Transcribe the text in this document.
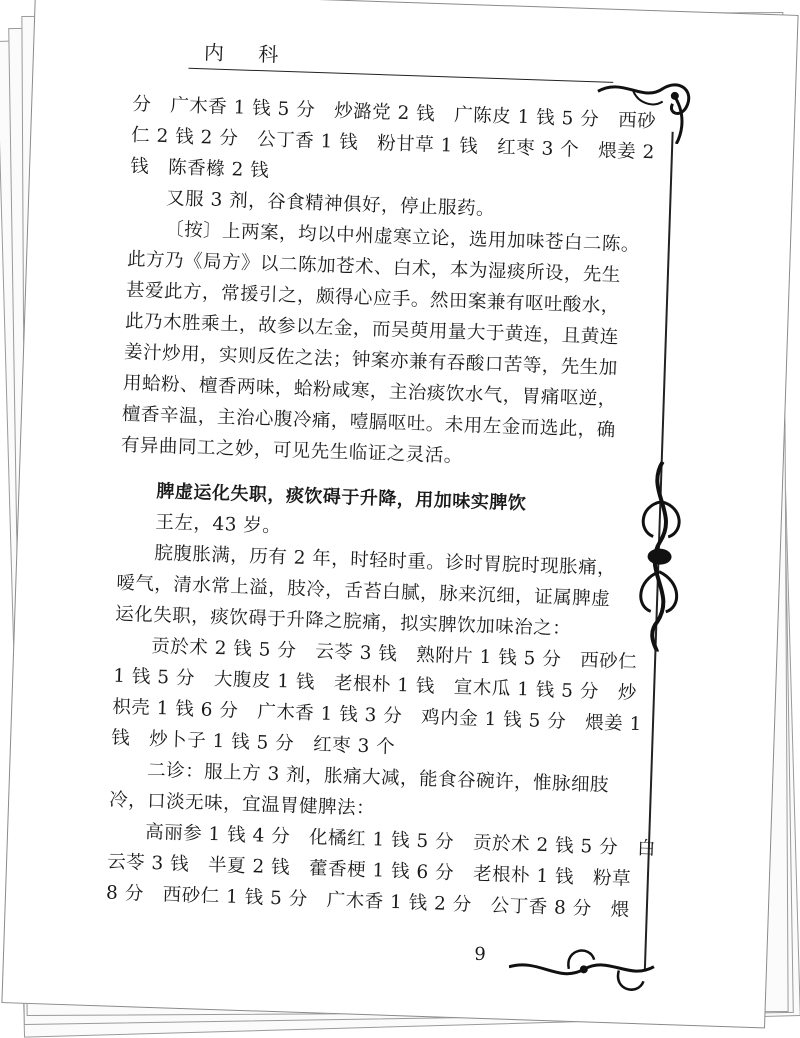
内 科

分　广木香 1 钱 5 分　炒潞党 2 钱　广陈皮 1 钱 5 分　西砂

仁 2 钱 2 分　公丁香 1 钱　粉甘草 1 钱　红枣 3 个　煨姜 2

钱　陈香橼 2 钱

又服 3 剂，谷食精神俱好，停止服药。

〔按〕上两案，均以中州虚寒立论，选用加味苍白二陈。

此方乃《局方》以二陈加苍术、白术，本为湿痰所设，先生

甚爱此方，常援引之，颇得心应手。然田案兼有呕吐酸水，

此乃木胜乘土，故参以左金，而吴萸用量大于黄连，且黄连

姜汁炒用，实则反佐之法；钟案亦兼有吞酸口苦等，先生加

用蛤粉、檀香两味，蛤粉咸寒，主治痰饮水气，胃痛呕逆，

檀香辛温，主治心腹冷痛，噎膈呕吐。未用左金而选此，确

有异曲同工之妙，可见先生临证之灵活。

脾虚运化失职，痰饮碍于升降，用加味实脾饮

王左，43 岁。

脘腹胀满，历有 2 年，时轻时重。诊时胃脘时现胀痛，

嗳气，清水常上溢，肢冷，舌苔白腻，脉来沉细，证属脾虚

运化失职，痰饮碍于升降之脘痛，拟实脾饮加味治之：

贡於术 2 钱 5 分　云苓 3 钱　熟附片 1 钱 5 分　西砂仁

1 钱 5 分　大腹皮 1 钱　老根朴 1 钱　宣木瓜 1 钱 5 分　炒

枳壳 1 钱 6 分　广木香 1 钱 3 分　鸡内金 1 钱 5 分　煨姜 1

钱　炒卜子 1 钱 5 分　红枣 3 个

二诊：服上方 3 剂，胀痛大减，能食谷碗许，惟脉细肢

冷，口淡无味，宜温胃健脾法：

高丽参 1 钱 4 分　化橘红 1 钱 5 分　贡於术 2 钱 5 分　白

云苓 3 钱　半夏 2 钱　藿香梗 1 钱 6 分　老根朴 1 钱　粉草

8 分　西砂仁 1 钱 5 分　广木香 1 钱 2 分　公丁香 8 分　煨

9
